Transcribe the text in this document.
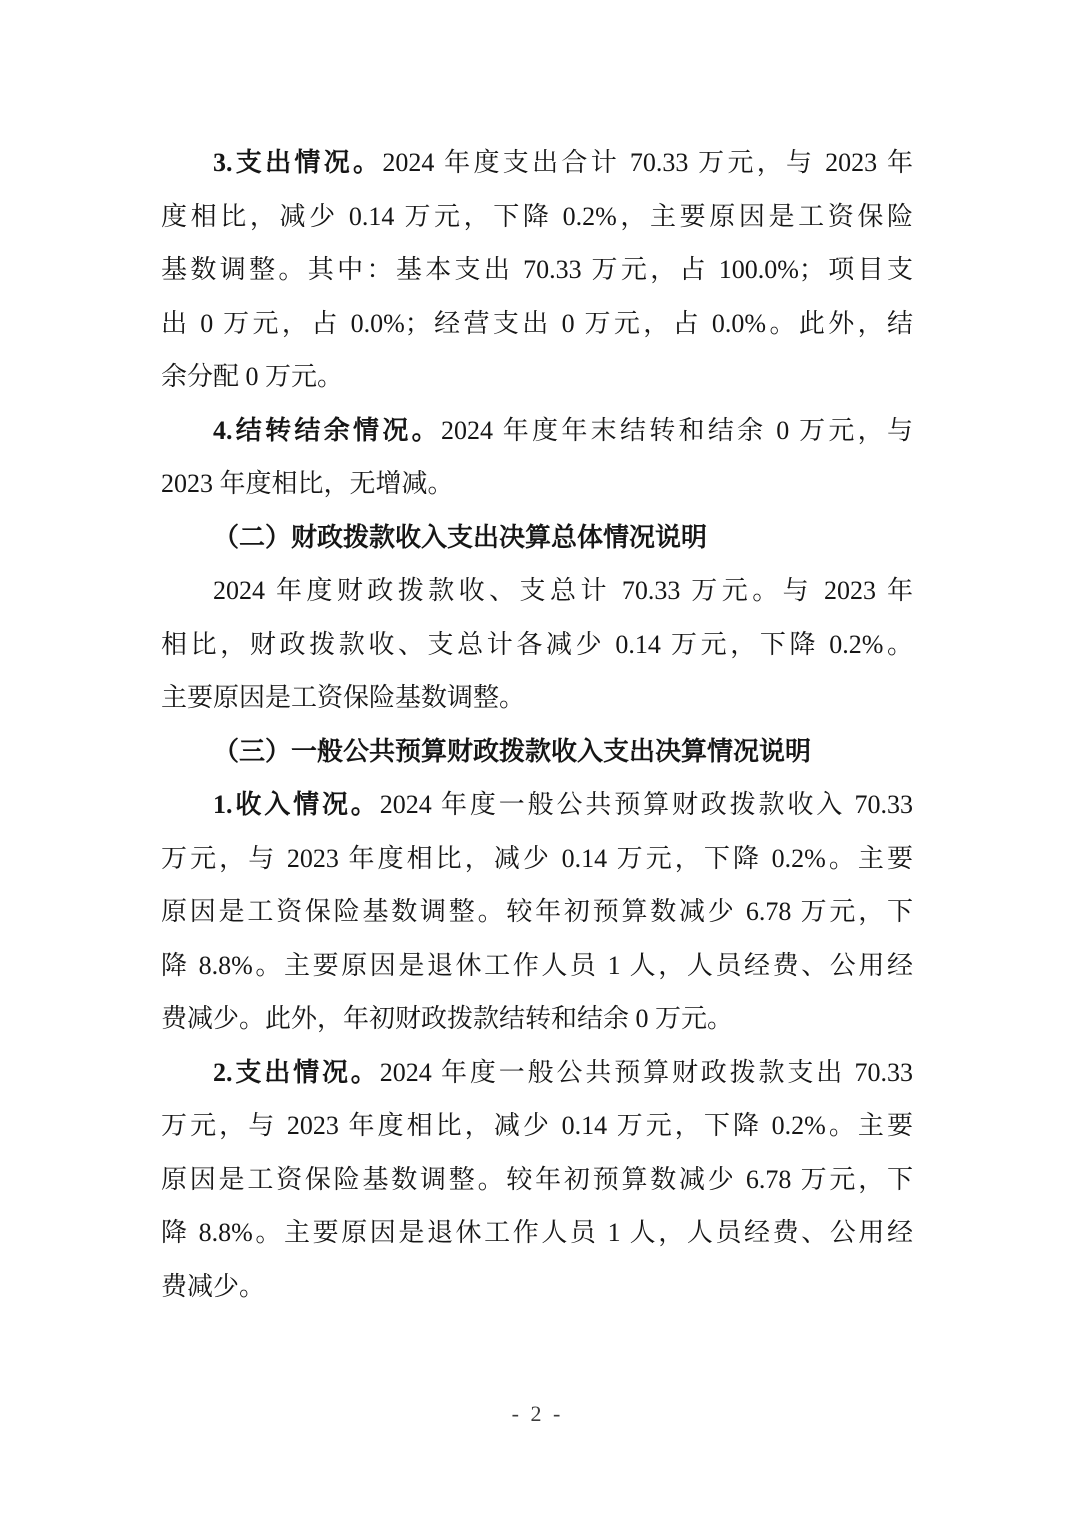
3.支出情况。2024 年度支出合计 70.33 万元，与 2023 年
度相比，减少 0.14 万元，下降 0.2%，主要原因是工资保险
基数调整。其中：基本支出 70.33 万元，占 100.0%；项目支
出 0 万元，占 0.0%；经营支出 0 万元，占 0.0%。此外，结
余分配 0 万元。
4.结转结余情况。2024 年度年末结转和结余 0 万元，与
2023 年度相比，无增减。
（二）财政拨款收入支出决算总体情况说明
2024 年度财政拨款收、支总计 70.33 万元。与 2023 年
相比，财政拨款收、支总计各减少 0.14 万元，下降 0.2%。
主要原因是工资保险基数调整。
（三）一般公共预算财政拨款收入支出决算情况说明
1.收入情况。2024 年度一般公共预算财政拨款收入 70.33
万元，与 2023 年度相比，减少 0.14 万元，下降 0.2%。主要
原因是工资保险基数调整。较年初预算数减少 6.78 万元，下
降 8.8%。主要原因是退休工作人员 1 人，人员经费、公用经
费减少。此外，年初财政拨款结转和结余 0 万元。
2.支出情况。2024 年度一般公共预算财政拨款支出 70.33
万元，与 2023 年度相比，减少 0.14 万元，下降 0.2%。主要
原因是工资保险基数调整。较年初预算数减少 6.78 万元，下
降 8.8%。主要原因是退休工作人员 1 人，人员经费、公用经
费减少。
- 2 -
